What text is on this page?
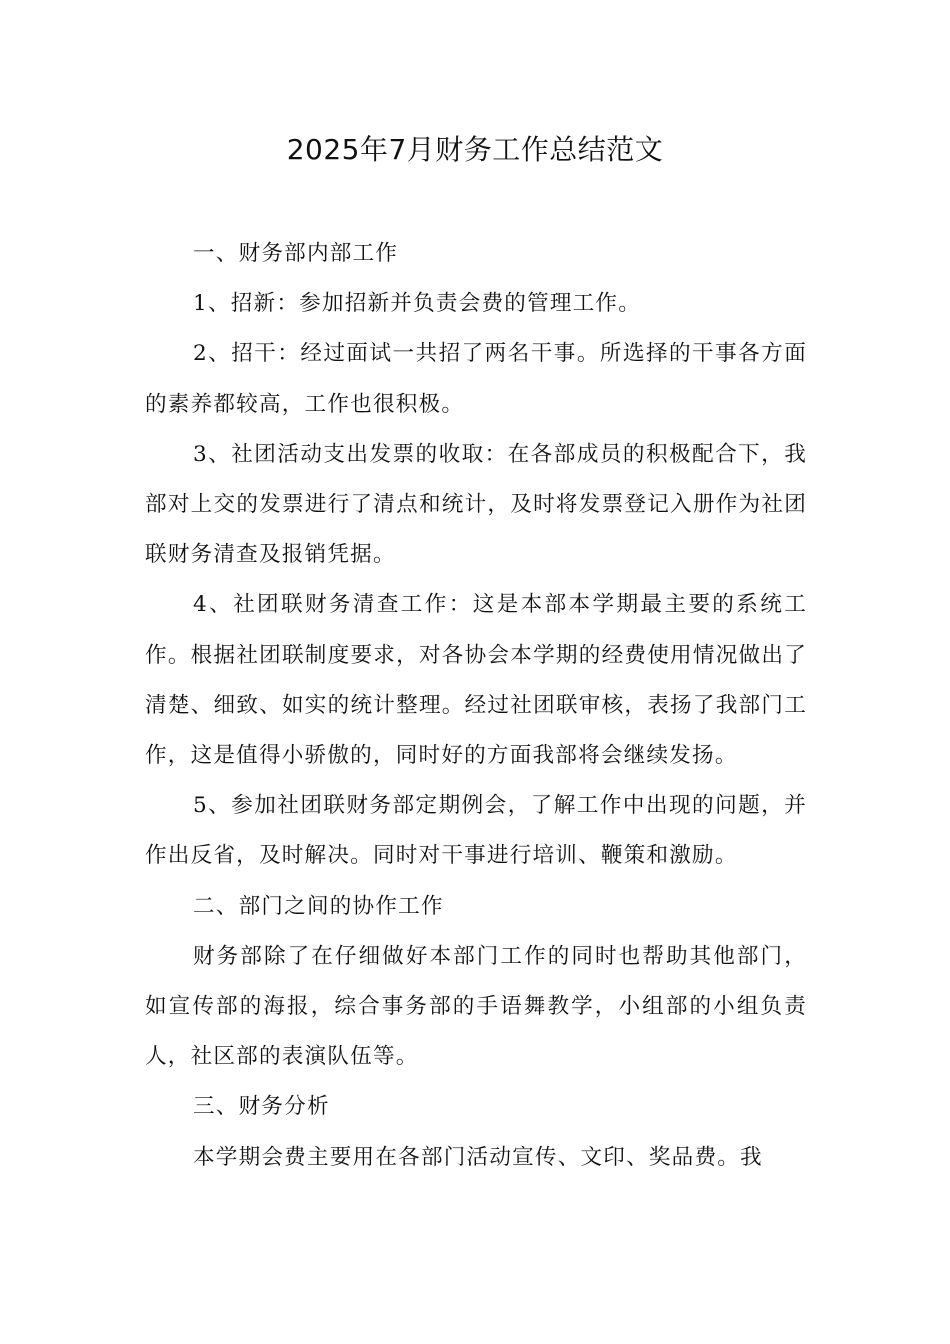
2025年7月财务工作总结范文

一、财务部内部工作

1、招新：参加招新并负责会费的管理工作。

2、招干：经过面试一共招了两名干事。所选择的干事各方面的素养都较高，工作也很积极。

3、社团活动支出发票的收取：在各部成员的积极配合下，我部对上交的发票进行了清点和统计，及时将发票登记入册作为社团联财务清查及报销凭据。

4、社团联财务清查工作：这是本部本学期最主要的系统工作。根据社团联制度要求，对各协会本学期的经费使用情况做出了清楚、细致、如实的统计整理。经过社团联审核，表扬了我部门工作，这是值得小骄傲的，同时好的方面我部将会继续发扬。

5、参加社团联财务部定期例会，了解工作中出现的问题，并作出反省，及时解决。同时对干事进行培训、鞭策和激励。

二、部门之间的协作工作

财务部除了在仔细做好本部门工作的同时也帮助其他部门，如宣传部的海报，综合事务部的手语舞教学，小组部的小组负责人，社区部的表演队伍等。

三、财务分析

本学期会费主要用在各部门活动宣传、文印、奖品费。我
